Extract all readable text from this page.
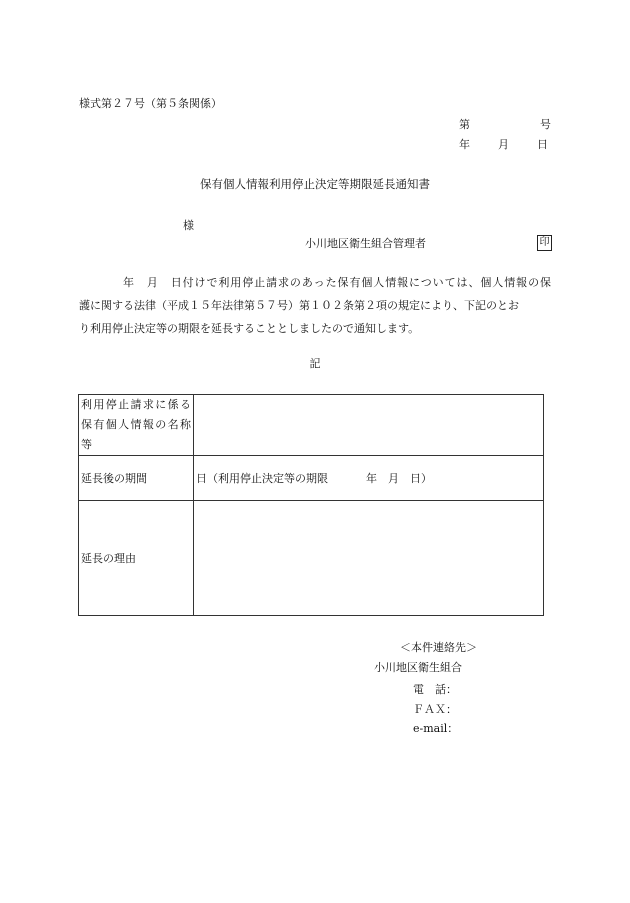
様式第２７号（第５条関係）
第	号
年 月 日
保有個人情報利用停止決定等期限延長通知書
様
小川地区衛生組合管理者	印
年　月　日付けで利用停止請求のあった保有個人情報については、個人情報の保
護に関する法律（平成１５年法律第５７号）第１０２条第２項の規定により、下記のとお
り利用停止決定等の期限を延長することとしましたので通知します。
記
利用停止請求に係る
保有個人情報の名称
等	

延長後の期間	日（利用停止決定等の期限 年　月　日）
延長の理由	
＜本件連絡先＞
小川地区衛生組合
電　話：
ＦＡＸ：
e-mail：
